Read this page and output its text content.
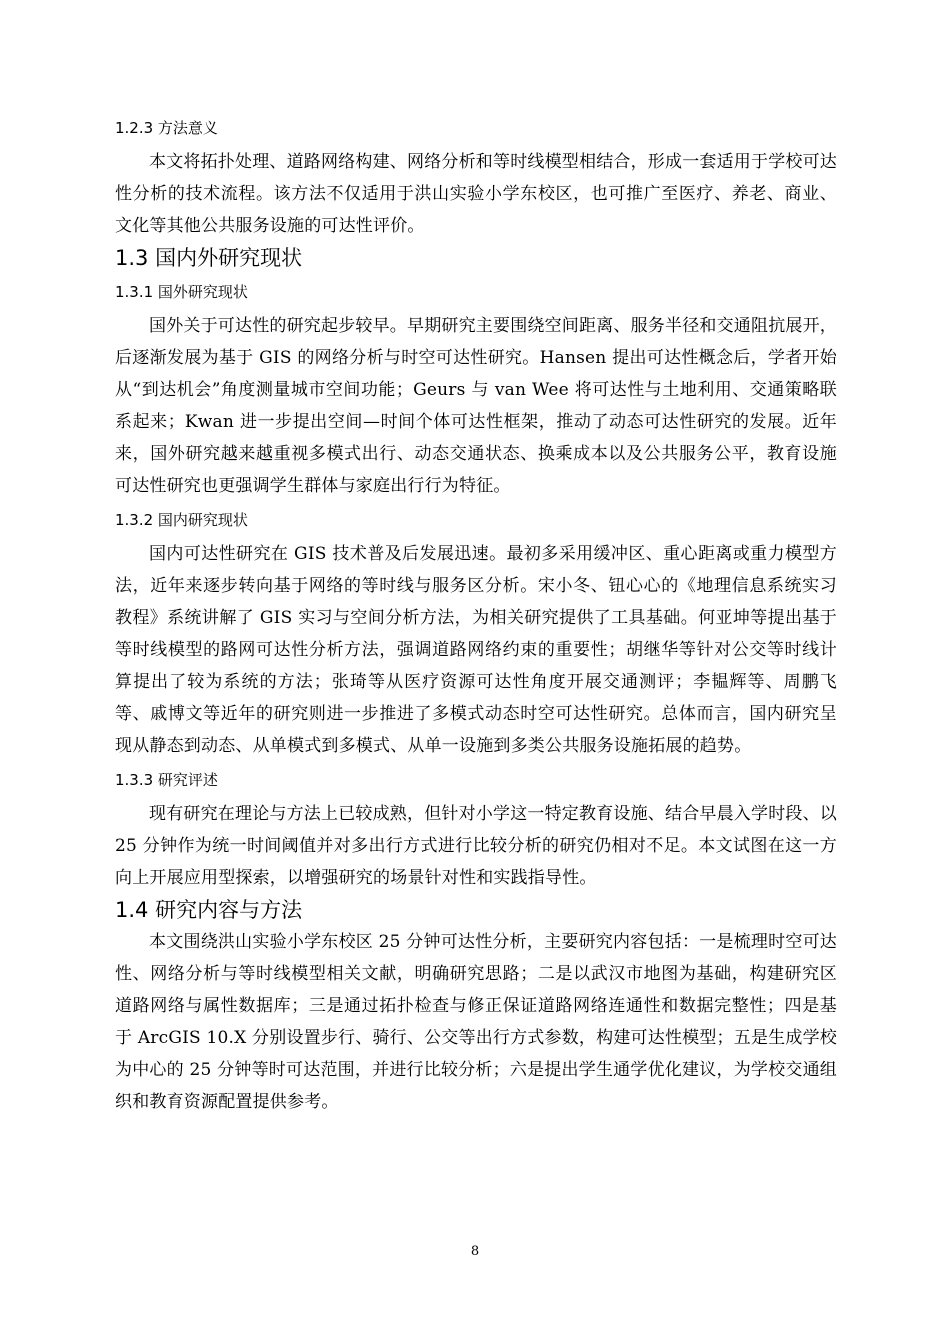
1.2.3 方法意义

本文将拓扑处理、道路网络构建、网络分析和等时线模型相结合，形成一套适用于学校可达性分析的技术流程。该方法不仅适用于洪山实验小学东校区，也可推广至医疗、养老、商业、文化等其他公共服务设施的可达性评价。

1.3 国内外研究现状
1.3.1 国外研究现状

国外关于可达性的研究起步较早。早期研究主要围绕空间距离、服务半径和交通阻抗展开，后逐渐发展为基于 GIS 的网络分析与时空可达性研究。Hansen 提出可达性概念后，学者开始从“到达机会”角度测量城市空间功能；Geurs 与 van Wee 将可达性与土地利用、交通策略联系起来；Kwan 进一步提出空间—时间个体可达性框架，推动了动态可达性研究的发展。近年来，国外研究越来越重视多模式出行、动态交通状态、换乘成本以及公共服务公平，教育设施可达性研究也更强调学生群体与家庭出行行为特征。

1.3.2 国内研究现状

国内可达性研究在 GIS 技术普及后发展迅速。最初多采用缓冲区、重心距离或重力模型方法，近年来逐步转向基于网络的等时线与服务区分析。宋小冬、钮心心的《地理信息系统实习教程》系统讲解了 GIS 实习与空间分析方法，为相关研究提供了工具基础。何亚坤等提出基于等时线模型的路网可达性分析方法，强调道路网络约束的重要性；胡继华等针对公交等时线计算提出了较为系统的方法；张琦等从医疗资源可达性角度开展交通测评；李韫辉等、周鹏飞等、戚博文等近年的研究则进一步推进了多模式动态时空可达性研究。总体而言，国内研究呈现从静态到动态、从单模式到多模式、从单一设施到多类公共服务设施拓展的趋势。

1.3.3 研究评述

现有研究在理论与方法上已较成熟，但针对小学这一特定教育设施、结合早晨入学时段、以 25 分钟作为统一时间阈值并对多出行方式进行比较分析的研究仍相对不足。本文试图在这一方向上开展应用型探索，以增强研究的场景针对性和实践指导性。

1.4 研究内容与方法

本文围绕洪山实验小学东校区 25 分钟可达性分析，主要研究内容包括：一是梳理时空可达性、网络分析与等时线模型相关文献，明确研究思路；二是以武汉市地图为基础，构建研究区道路网络与属性数据库；三是通过拓扑检查与修正保证道路网络连通性和数据完整性；四是基于 ArcGIS 10.X 分别设置步行、骑行、公交等出行方式参数，构建可达性模型；五是生成学校为中心的 25 分钟等时可达范围，并进行比较分析；六是提出学生通学优化建议，为学校交通组织和教育资源配置提供参考。

8
